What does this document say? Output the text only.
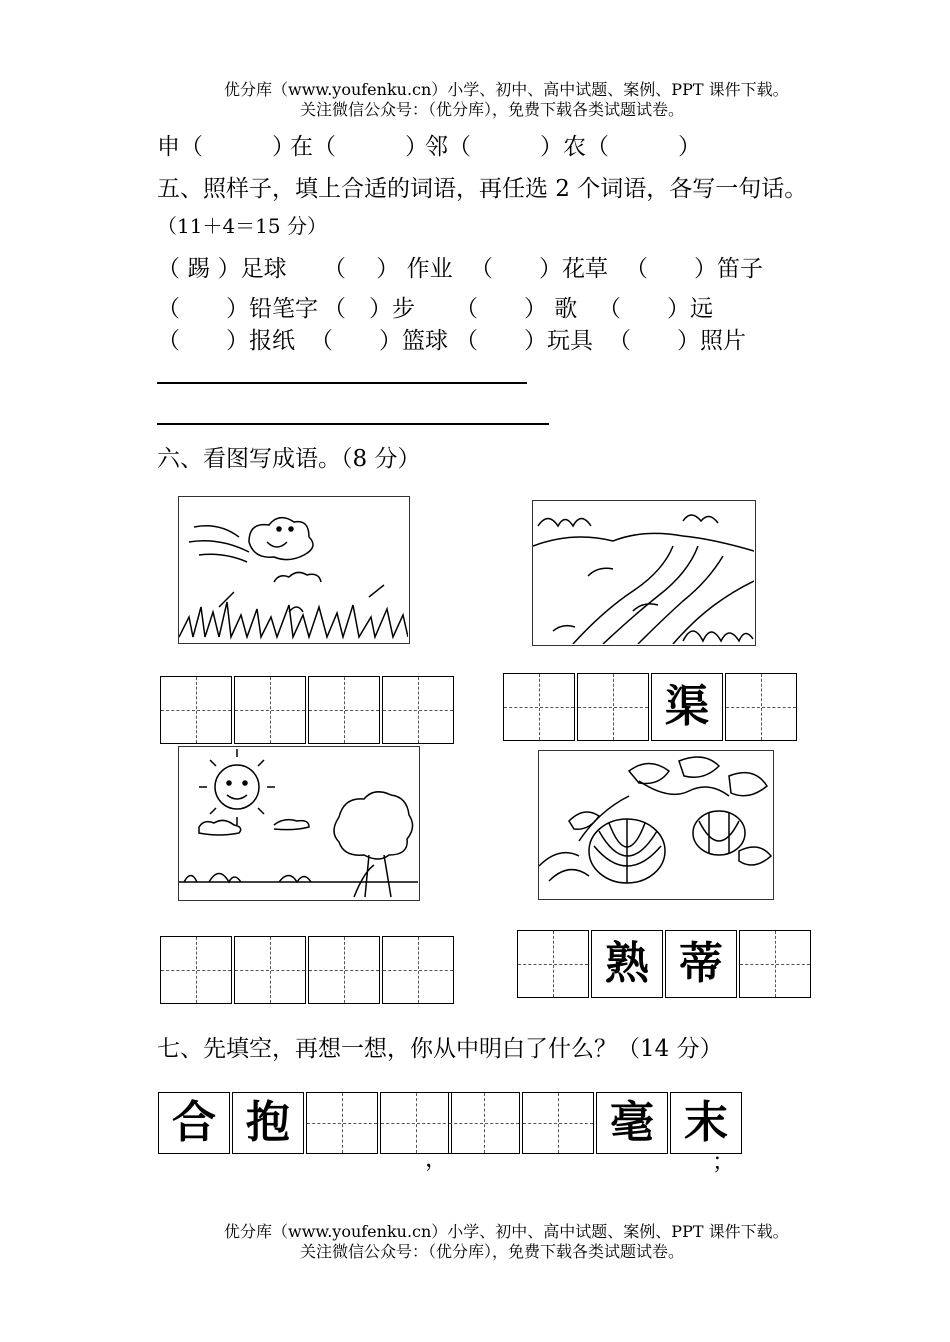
优分库（www.youfenku.cn）小学、初中、高中试题、案例、PPT 课件下载。
关注微信公众号：（优分库），免费下载各类试题试卷。
申（　　　）
在（　　　）
邻（　　　） 农（　　　）
五、照样子，填上合适的词语，再任选 2 个词语，各写一句话。
（11＋4＝15 分）
（ 踢 ）足球 （　 ） 作业 （　　）花草 （　　）笛子
（　　）铅笔字 （　）步 （　　） 歌 （　　）远
（　　）报纸 （　　）篮球 （　　）玩具 （　　）照片
六、看图写成语。（8 分）
渠
熟 蒂
七、先填空，再想一想，你从中明白了什么？（14 分）
合 抱
，
毫 末
；
优分库（www.youfenku.cn）小学、初中、高中试题、案例、PPT 课件下载。
关注微信公众号：（优分库），免费下载各类试题试卷。
